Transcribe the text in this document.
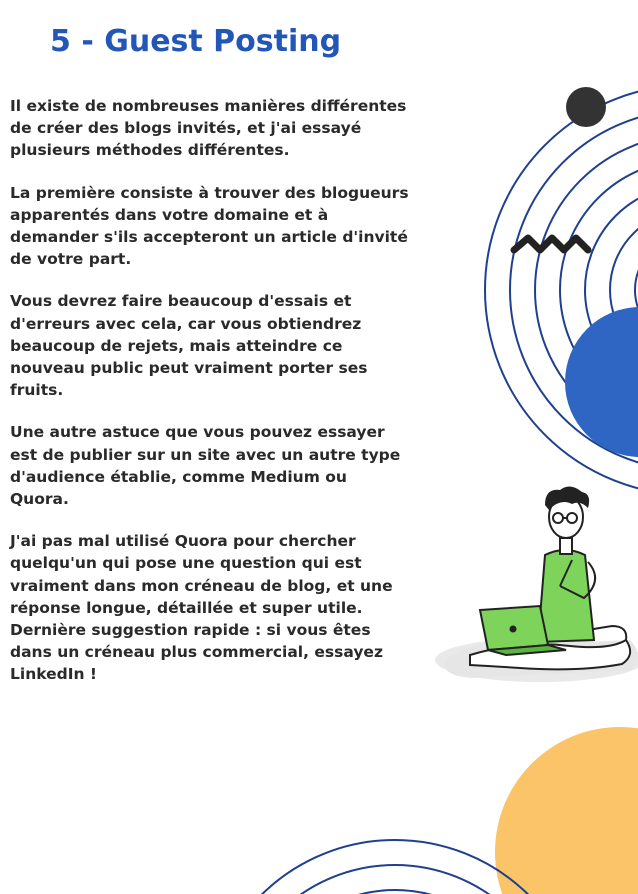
5 - Guest Posting

Il existe de nombreuses manières différentes
de créer des blogs invités, et j'ai essayé
plusieurs méthodes différentes.

La première consiste à trouver des blogueurs
apparentés dans votre domaine et à
demander s'ils accepteront un article d'invité
de votre part.

Vous devrez faire beaucoup d'essais et
d'erreurs avec cela, car vous obtiendrez
beaucoup de rejets, mais atteindre ce
nouveau public peut vraiment porter ses
fruits.

Une autre astuce que vous pouvez essayer
est de publier sur un site avec un autre type
d'audience établie, comme Medium ou
Quora.

J'ai pas mal utilisé Quora pour chercher
quelqu'un qui pose une question qui est
vraiment dans mon créneau de blog, et une
réponse longue, détaillée et super utile.
Dernière suggestion rapide : si vous êtes
dans un créneau plus commercial, essayez
LinkedIn !
